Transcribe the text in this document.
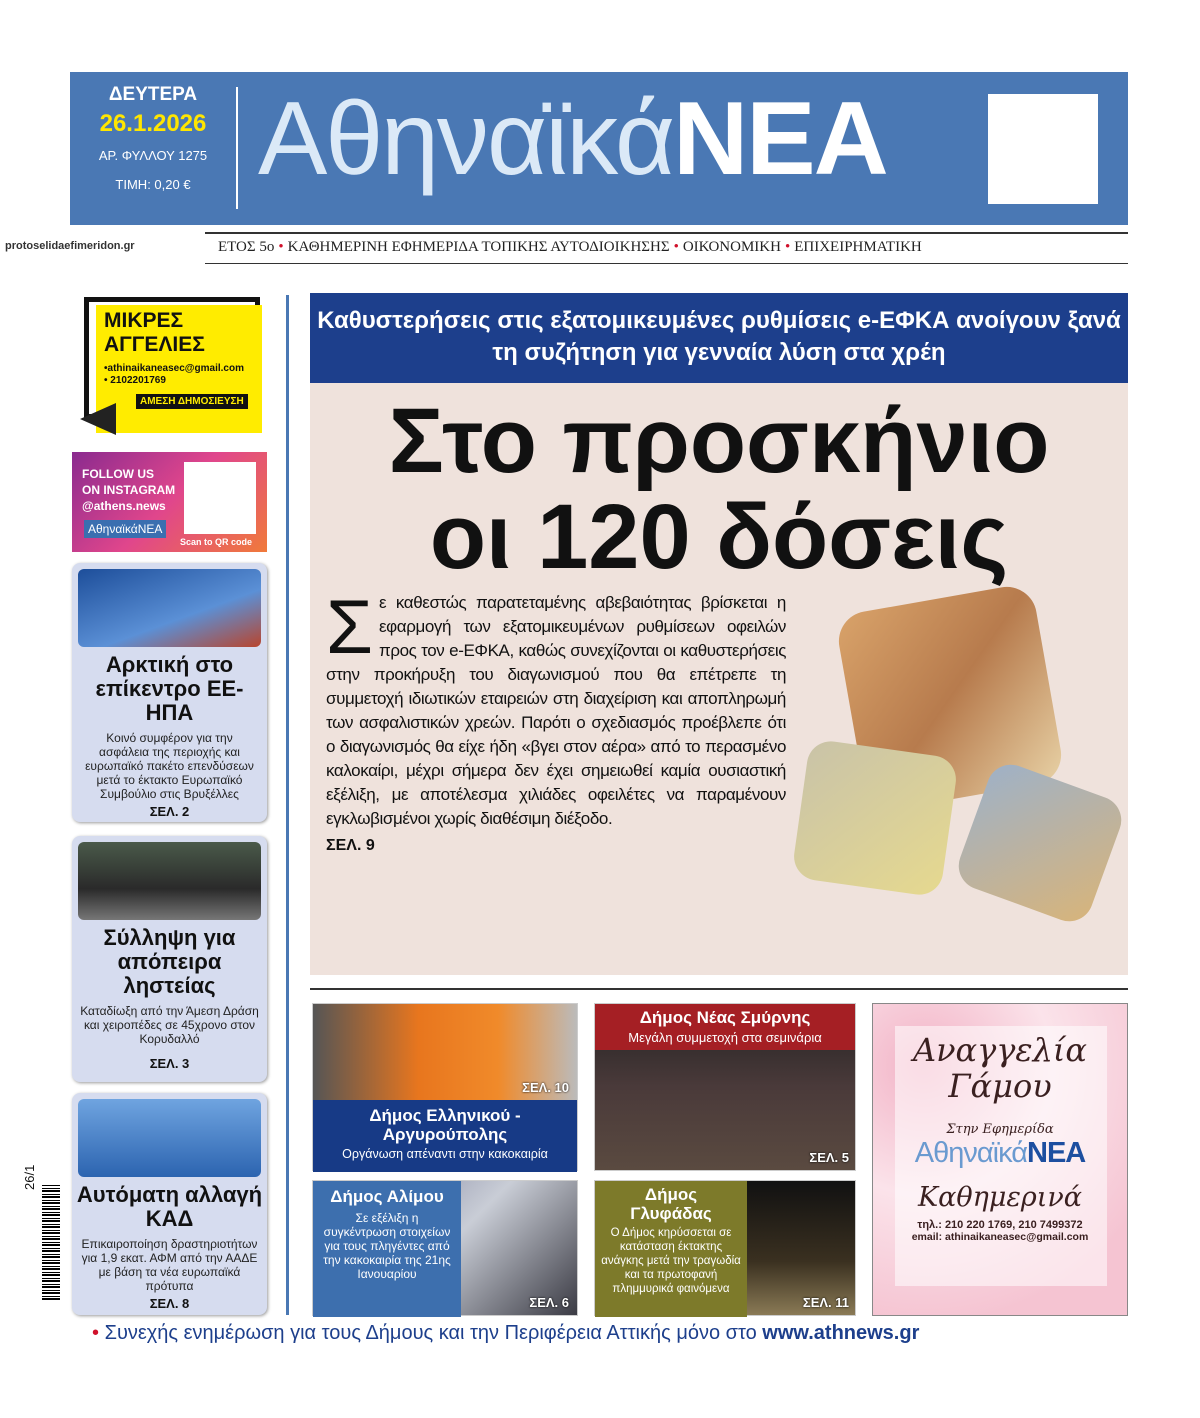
ΔΕΥΤΕΡΑ
26.1.2026
ΑΡ. ΦΥΛΛΟΥ 1275
ΤΙΜΗ: 0,20 € ΑθηναϊκάΝΕΑ
protoselidaefimeridon.gr	ΕΤΟΣ 5ο • ΚΑΘΗΜΕΡΙΝΗ ΕΦΗΜΕΡΙΔΑ ΤΟΠΙΚΗΣ ΑΥΤΟΔΙΟΙΚΗΣΗΣ • ΟΙΚΟΝΟΜΙΚΗ • ΕΠΙΧΕΙΡΗΜΑΤΙΚΗ
ΜΙΚΡΕΣ ΑΓΓΕΛΙΕΣ
•athinaikaneasec@gmail.com
• 2102201769
ΑΜΕΣΗ ΔΗΜΟΣΙΕΥΣΗ
FOLLOW US
ON INSTAGRAM
@athens.news
ΑθηναϊκάΝΕΑ
Scan to QR code
Αρκτική στο επίκεντρο ΕΕ-ΗΠΑ

Κοινό συμφέρον για την ασφάλεια της περιοχής και ευρωπαϊκό πακέτο επενδύσεων μετά το έκτακτο Ευρωπαϊκό Συμβούλιο στις Βρυξέλλες

ΣΕΛ. 2
Σύλληψη για απόπειρα ληστείας

Καταδίωξη από την Άμεση Δράση και χειροπέδες σε 45χρονο στον Κορυδαλλό

ΣΕΛ. 3
Αυτόματη αλλαγή ΚΑΔ

Επικαιροποίηση δραστηριοτήτων για 1,9 εκατ. ΑΦΜ από την ΑΑΔΕ με βάση τα νέα ευρωπαϊκά πρότυπα

ΣΕΛ. 8
26/1
Καθυστερήσεις στις εξατομικευμένες ρυθμίσεις e-ΕΦΚΑ ανοίγουν ξανά τη συζήτηση για γενναία λύση στα χρέη
Στο προσκήνιο
οι 120 δόσεις
Σε καθεστώς παρατεταμένης αβεβαιότητας βρίσκεται η εφαρμογή των εξατομικευμένων ρυθμίσεων οφειλών προς τον e-ΕΦΚΑ, καθώς συνεχίζονται οι καθυστερήσεις στην προκήρυξη του διαγωνισμού που θα επέτρεπε τη συμμετοχή ιδιωτικών εταιρειών στη διαχείριση και αποπληρωμή των ασφαλιστικών χρεών. Παρότι ο σχεδιασμός προέβλεπε ότι ο διαγωνισμός θα είχε ήδη «βγει στον αέρα» από το περασμένο καλοκαίρι, μέχρι σήμερα δεν έχει σημειωθεί καμία ουσιαστική εξέλιξη, με αποτέλεσμα χιλιάδες οφειλέτες να παραμένουν εγκλωβισμένοι χωρίς διαθέσιμη διέξοδο.
ΣΕΛ. 9
ΣΕΛ. 10
Δήμος Ελληνικού - Αργυρούπολης
Οργάνωση απέναντι στην κακοκαιρία
Δήμος Νέας Σμύρνης
Μεγάλη συμμετοχή στα σεμινάρια
ΣΕΛ. 5
Δήμος Αλίμου
Σε εξέλιξη η συγκέντρωση στοιχείων για τους πληγέντες από την κακοκαιρία της 21ης Ιανουαρίου
ΣΕΛ. 6
Δήμος Γλυφάδας
Ο Δήμος κηρύσσεται σε κατάσταση έκτακτης ανάγκης μετά την τραγωδία και τα πρωτοφανή πλημμυρικά φαινόμενα
ΣΕΛ. 11
Αναγγελία
Γάμου
Στην Εφημερίδα
ΑθηναϊκάΝΕΑ
Καθημερινά
τηλ.: 210 220 1769, 210 7499372
email: athinaikaneasec@gmail.com
• Συνεχής ενημέρωση για τους Δήμους και την Περιφέρεια Αττικής μόνο στο www.athnews.gr
